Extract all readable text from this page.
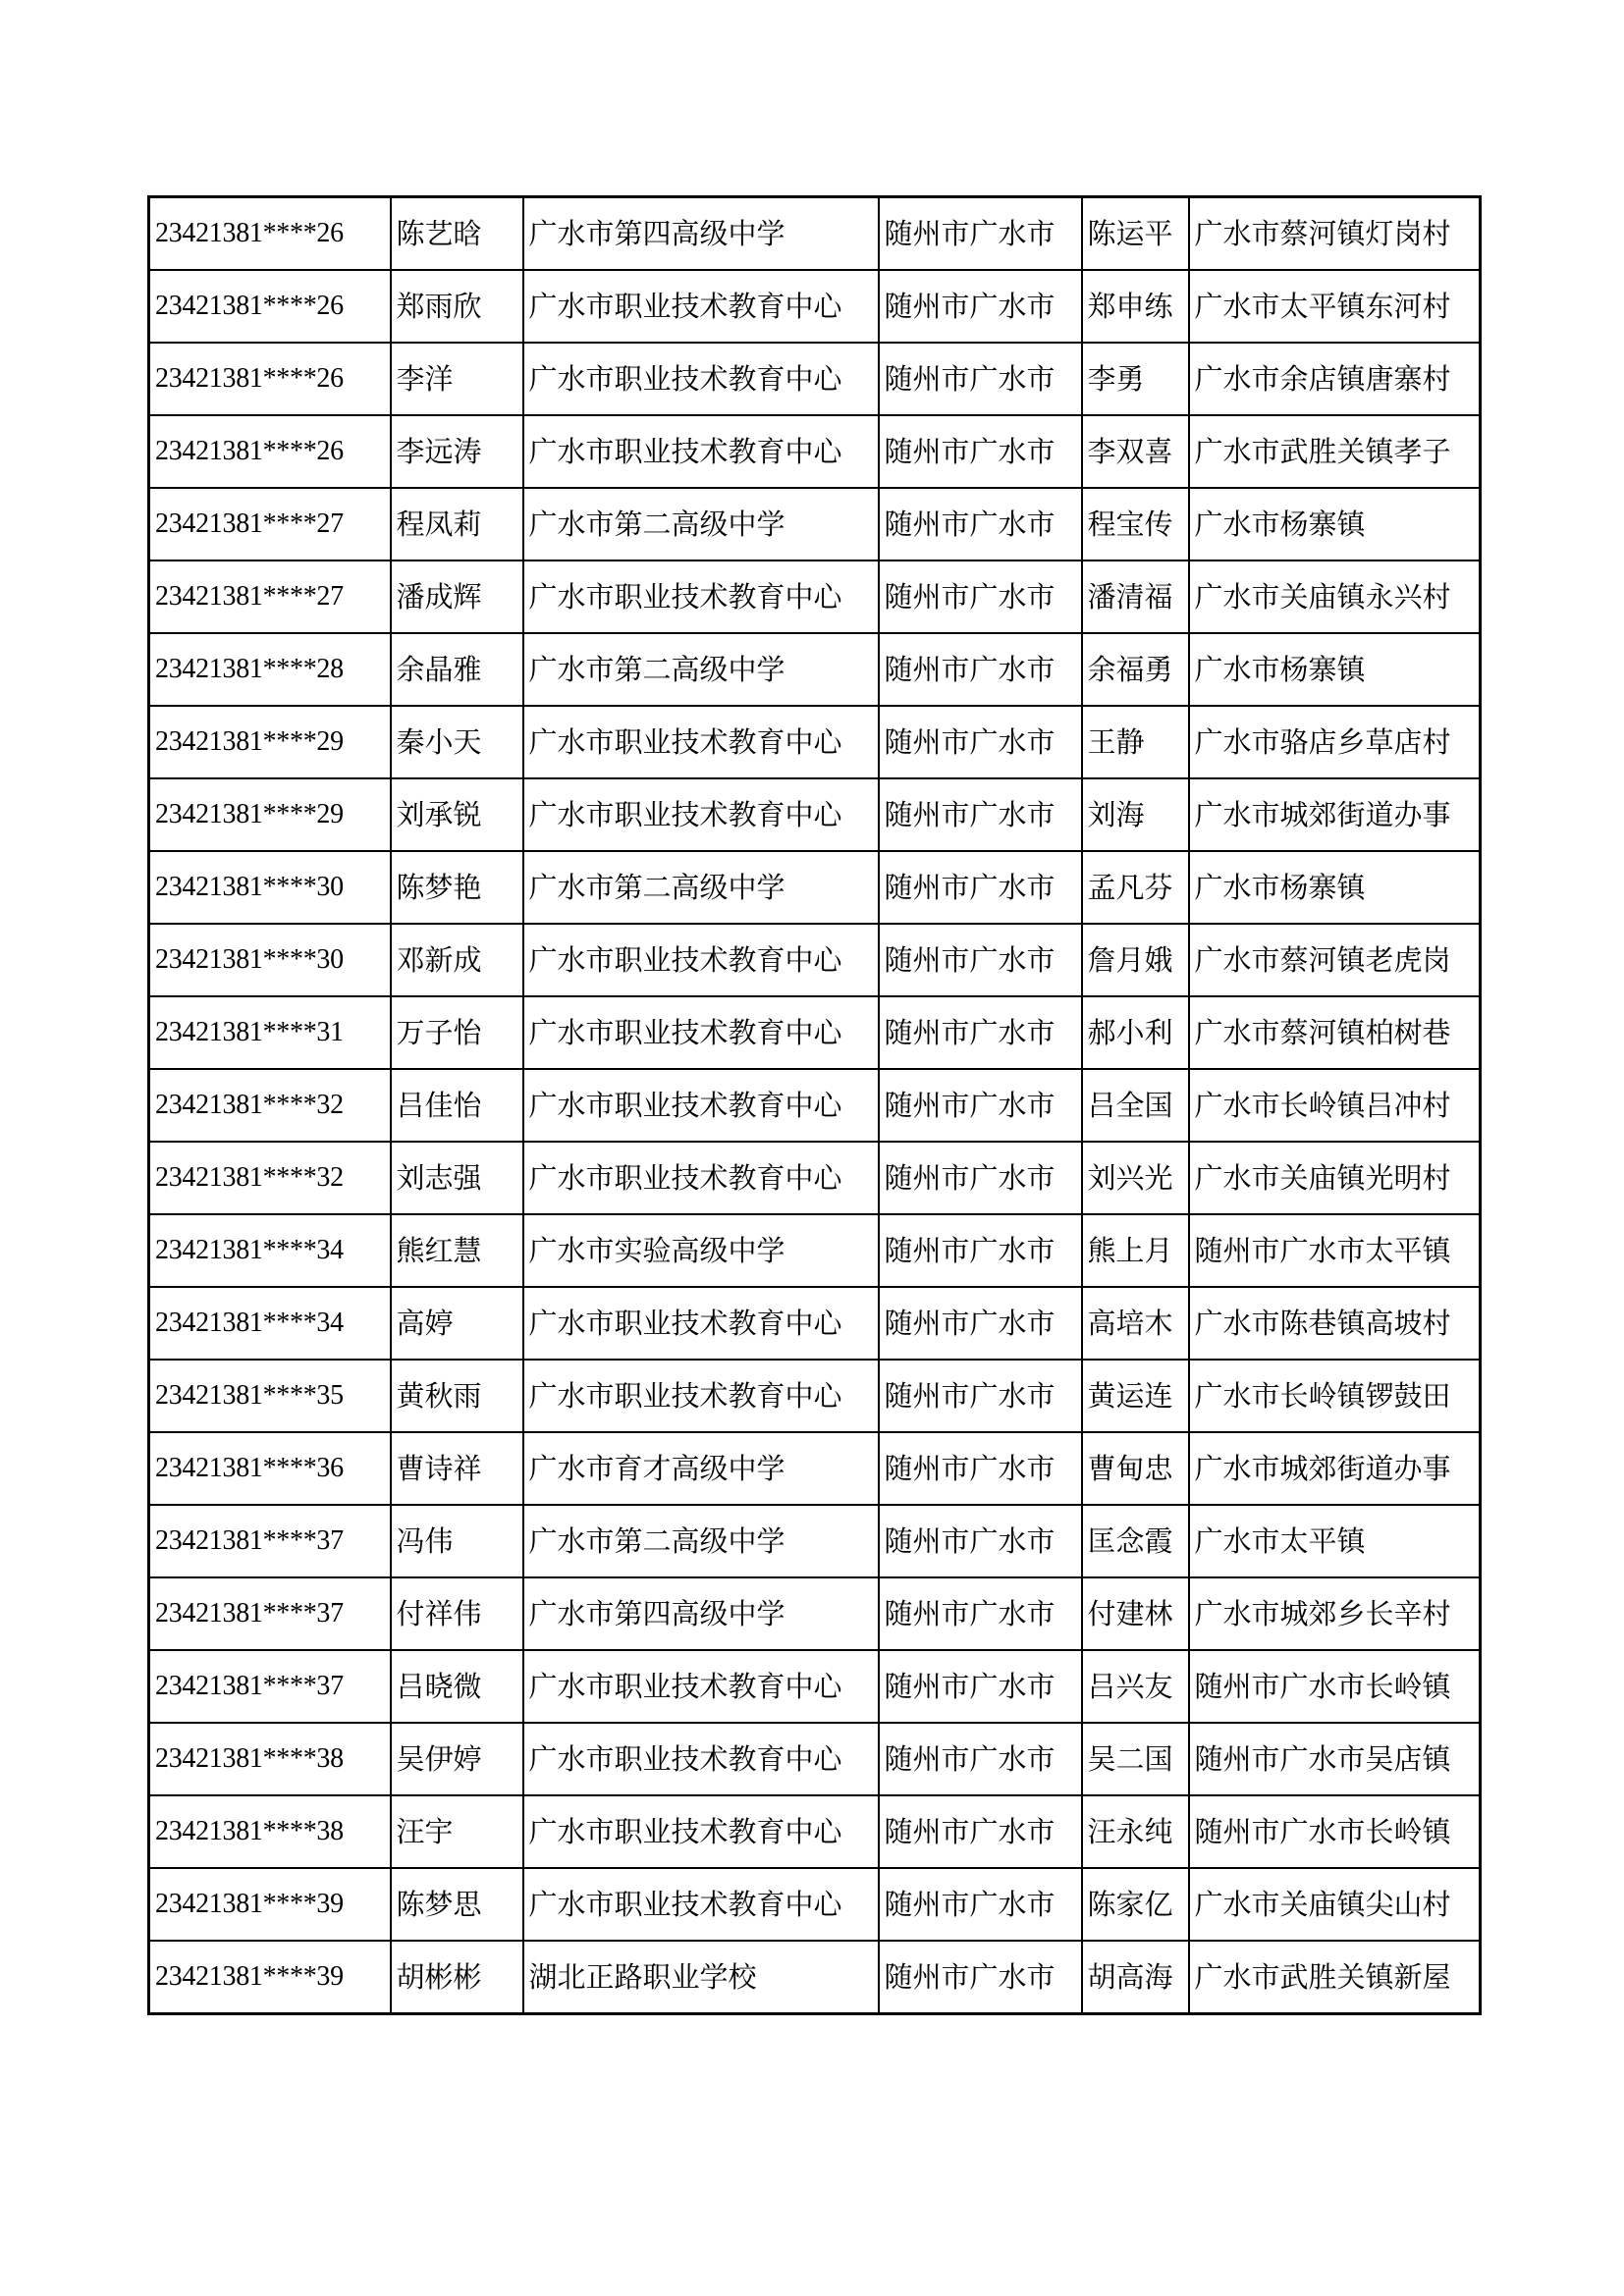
23421381****26	陈艺晗	广水市第四高级中学	随州市广水市	陈运平	广水市蔡河镇灯岗村
23421381****26	郑雨欣	广水市职业技术教育中心	随州市广水市	郑申练	广水市太平镇东河村
23421381****26	李洋	广水市职业技术教育中心	随州市广水市	李勇	广水市余店镇唐寨村
23421381****26	李远涛	广水市职业技术教育中心	随州市广水市	李双喜	广水市武胜关镇孝子
23421381****27	程凤莉	广水市第二高级中学	随州市广水市	程宝传	广水市杨寨镇
23421381****27	潘成辉	广水市职业技术教育中心	随州市广水市	潘清福	广水市关庙镇永兴村
23421381****28	余晶雅	广水市第二高级中学	随州市广水市	余福勇	广水市杨寨镇
23421381****29	秦小天	广水市职业技术教育中心	随州市广水市	王静	广水市骆店乡草店村
23421381****29	刘承锐	广水市职业技术教育中心	随州市广水市	刘海	广水市城郊街道办事
23421381****30	陈梦艳	广水市第二高级中学	随州市广水市	孟凡芬	广水市杨寨镇
23421381****30	邓新成	广水市职业技术教育中心	随州市广水市	詹月娥	广水市蔡河镇老虎岗
23421381****31	万子怡	广水市职业技术教育中心	随州市广水市	郝小利	广水市蔡河镇柏树巷
23421381****32	吕佳怡	广水市职业技术教育中心	随州市广水市	吕全国	广水市长岭镇吕冲村
23421381****32	刘志强	广水市职业技术教育中心	随州市广水市	刘兴光	广水市关庙镇光明村
23421381****34	熊红慧	广水市实验高级中学	随州市广水市	熊上月	随州市广水市太平镇
23421381****34	高婷	广水市职业技术教育中心	随州市广水市	高培木	广水市陈巷镇高坡村
23421381****35	黄秋雨	广水市职业技术教育中心	随州市广水市	黄运连	广水市长岭镇锣鼓田
23421381****36	曹诗祥	广水市育才高级中学	随州市广水市	曹甸忠	广水市城郊街道办事
23421381****37	冯伟	广水市第二高级中学	随州市广水市	匡念霞	广水市太平镇
23421381****37	付祥伟	广水市第四高级中学	随州市广水市	付建林	广水市城郊乡长辛村
23421381****37	吕晓微	广水市职业技术教育中心	随州市广水市	吕兴友	随州市广水市长岭镇
23421381****38	吴伊婷	广水市职业技术教育中心	随州市广水市	吴二国	随州市广水市吴店镇
23421381****38	汪宇	广水市职业技术教育中心	随州市广水市	汪永纯	随州市广水市长岭镇
23421381****39	陈梦思	广水市职业技术教育中心	随州市广水市	陈家亿	广水市关庙镇尖山村
23421381****39	胡彬彬	湖北正路职业学校	随州市广水市	胡高海	广水市武胜关镇新屋
